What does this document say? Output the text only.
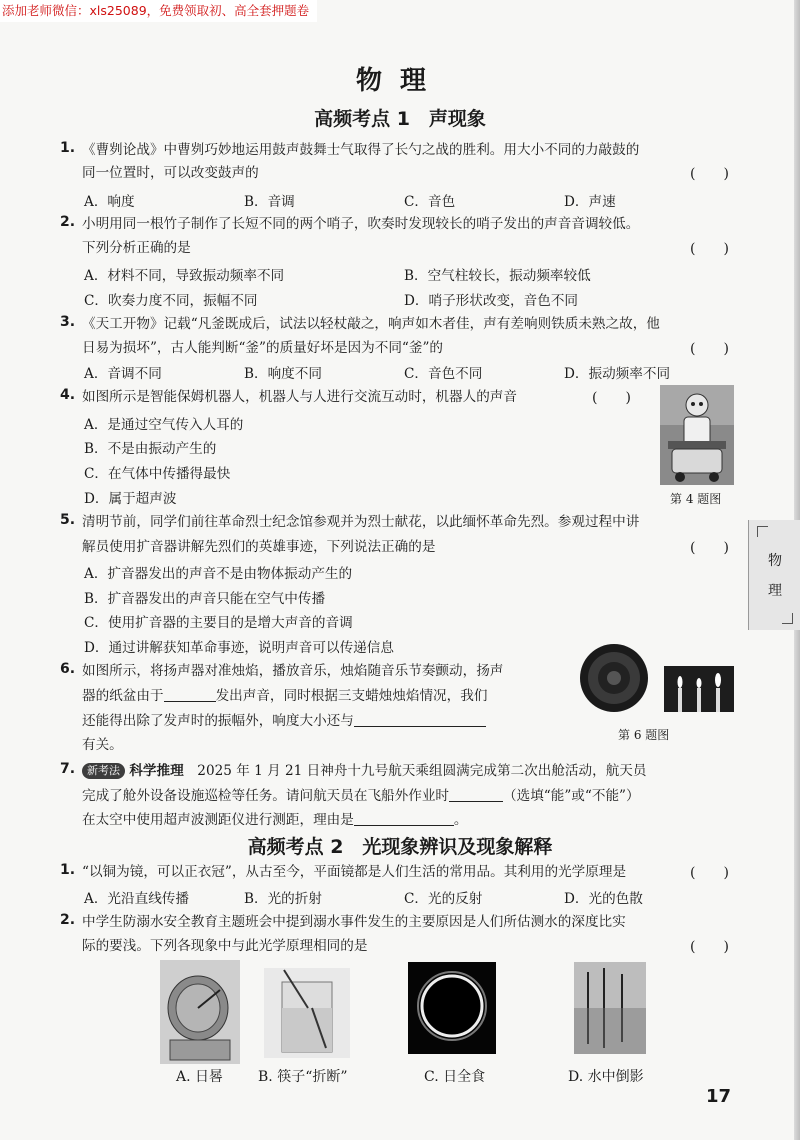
添加老师微信：xls25089，免费领取初、高全套押题卷
物理
高频考点 1　声现象
1. 《曹刿论战》中曹刿巧妙地运用鼓声鼓舞士气取得了长勺之战的胜利。用大小不同的力敲鼓的
同一位置时，可以改变鼓声的	(　　)
A．响度	B．音调	C．音色	D．声速
2. 小明用同一根竹子制作了长短不同的两个哨子，吹奏时发现较长的哨子发出的声音音调较低。
下列分析正确的是	(　　)
A．材料不同，导致振动频率不同	B．空气柱较长，振动频率较低
C．吹奏力度不同，振幅不同	D．哨子形状改变，音色不同
3. 《天工开物》记载“凡釜既成后，试法以轻杖敲之，响声如木者佳，声有差响则铁质未熟之故，他
日易为损坏”，古人能判断“釜”的质量好坏是因为不同“釜”的	(　　)
A．音调不同	B．响度不同	C．音色不同	D．振动频率不同
4. 如图所示是智能保姆机器人，机器人与人进行交流互动时，机器人的声音	(　　)
A．是通过空气传入人耳的
B．不是由振动产生的
C．在气体中传播得最快
D．属于超声波	第 4 题图
5. 清明节前，同学们前往革命烈士纪念馆参观并为烈士献花，以此缅怀革命先烈。参观过程中讲
解员使用扩音器讲解先烈们的英雄事迹，下列说法正确的是	(　　)
A．扩音器发出的声音不是由物体振动产生的
B．扩音器发出的声音只能在空气中传播
C．使用扩音器的主要目的是增大声音的音调
D．通过讲解获知革命事迹，说明声音可以传递信息
物
理
6. 如图所示，将扬声器对准烛焰，播放音乐，烛焰随音乐节奏颤动，扬声
器的纸盆由于	发出声音，同时根据三支蜡烛烛焰情况，我们
还能得出除了发声时的振幅外，响度大小还与
有关。
第 6 题图
7.	新考法 科学推理　 2025 年 1 月 21 日神舟十九号航天乘组圆满完成第二次出舱活动，航天员
完成了舱外设备设施巡检等任务。请问航天员在飞船外作业时	（选填“能”或“不能”）
在太空中使用超声波测距仪进行测距，理由是	。
高频考点 2　光现象辨识及现象解释
1. “以铜为镜，可以正衣冠”，从古至今，平面镜都是人们生活的常用品。其利用的光学原理是	(　　)
A．光沿直线传播	B．光的折射	C．光的反射	D．光的色散
2. 中学生防溺水安全教育主题班会中提到溺水事件发生的主要原因是人们所估测水的深度比实
际的要浅。下列各现象中与此光学原理相同的是	(　　)
A. 日晷 B. 筷子“折断”	C. 日全食	D. 水中倒影
17
